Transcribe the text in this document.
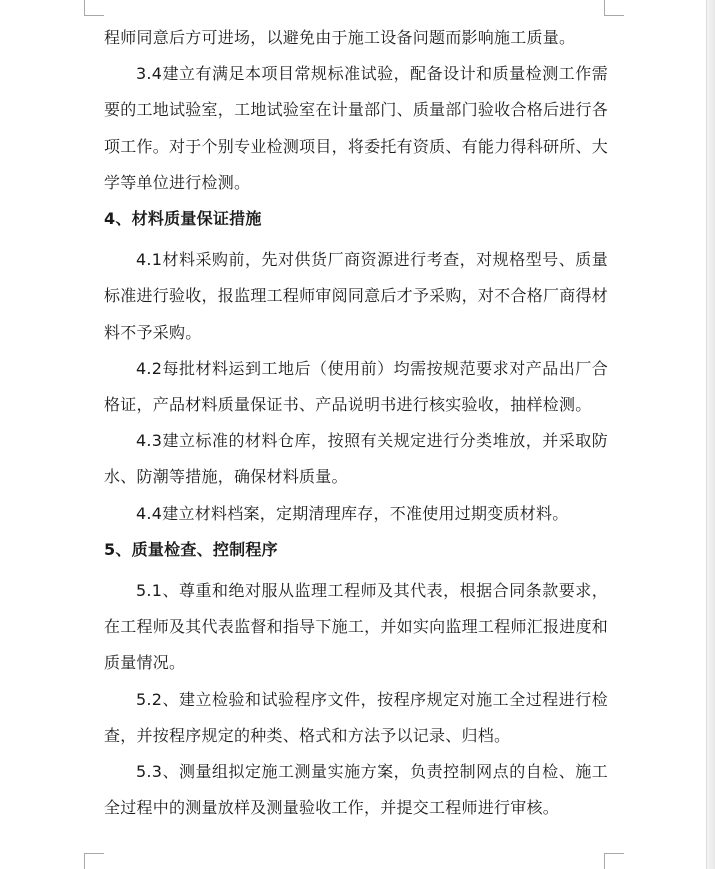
程师同意后方可进场，以避免由于施工设备问题而影响施工质量。

3.4建立有满足本项目常规标准试验，配备设计和质量检测工作需要的工地试验室，工地试验室在计量部门、质量部门验收合格后进行各项工作。对于个别专业检测项目，将委托有资质、有能力得科研所、大学等单位进行检测。

4、材料质量保证措施

4.1材料采购前，先对供货厂商资源进行考查，对规格型号、质量标准进行验收，报监理工程师审阅同意后才予采购，对不合格厂商得材料不予采购。

4.2每批材料运到工地后（使用前）均需按规范要求对产品出厂合格证，产品材料质量保证书、产品说明书进行核实验收，抽样检测。

4.3建立标准的材料仓库，按照有关规定进行分类堆放，并采取防水、防潮等措施，确保材料质量。

4.4建立材料档案，定期清理库存，不准使用过期变质材料。

5、质量检查、控制程序

5.1、尊重和绝对服从监理工程师及其代表，根据合同条款要求，在工程师及其代表监督和指导下施工，并如实向监理工程师汇报进度和质量情况。

5.2、建立检验和试验程序文件，按程序规定对施工全过程进行检查，并按程序规定的种类、格式和方法予以记录、归档。

5.3、测量组拟定施工测量实施方案，负责控制网点的自检、施工全过程中的测量放样及测量验收工作，并提交工程师进行审核。
